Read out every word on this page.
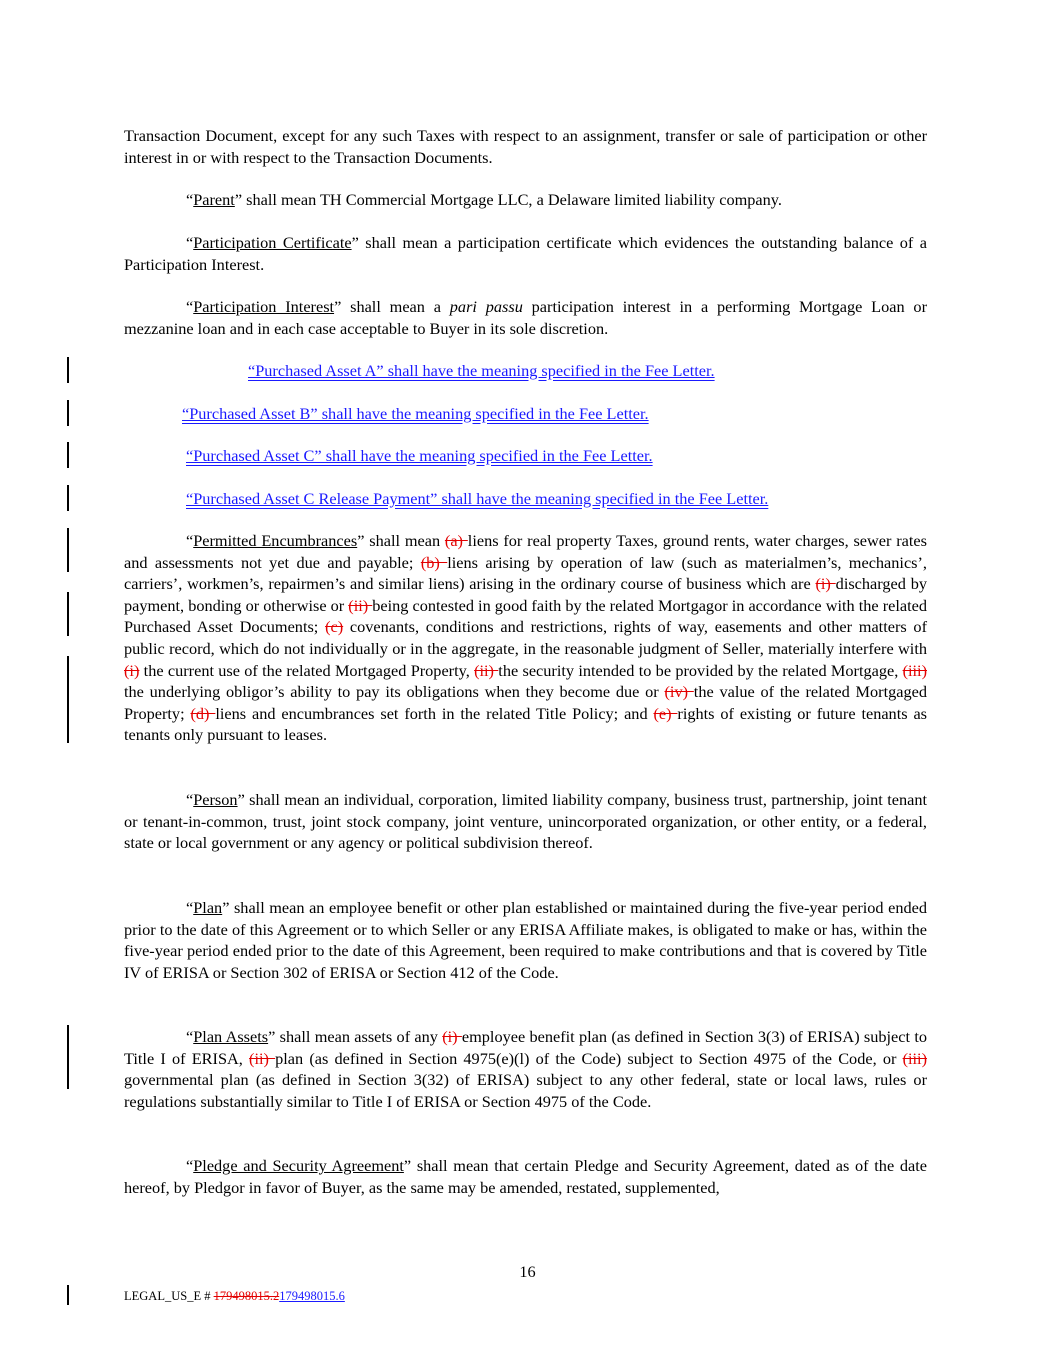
Transaction Document, except for any such Taxes with respect to an assignment, transfer or sale of participation or other interest in or with respect to the Transaction Documents.

“Parent” shall mean TH Commercial Mortgage LLC, a Delaware limited liability company.

“Participation Certificate” shall mean a participation certificate which evidences the outstanding balance of a Participation Interest.

“Participation Interest” shall mean a pari passu participation interest in a performing Mortgage Loan or mezzanine loan and in each case acceptable to Buyer in its sole discretion.

“Purchased Asset A” shall have the meaning specified in the Fee Letter.

“Purchased Asset B” shall have the meaning specified in the Fee Letter.

“Purchased Asset C” shall have the meaning specified in the Fee Letter.

“Purchased Asset C Release Payment” shall have the meaning specified in the Fee Letter.

“Permitted Encumbrances” shall mean (a) liens for real property Taxes, ground rents, water charges, sewer rates and assessments not yet due and payable; (b) liens arising by operation of law (such as materialmen’s, mechanics’, carriers’, workmen’s, repairmen’s and similar liens) arising in the ordinary course of business which are (i) discharged by payment, bonding or otherwise or (ii) being contested in good faith by the related Mortgagor in accordance with the related Purchased Asset Documents; (c) covenants, conditions and restrictions, rights of way, easements and other matters of public record, which do not individually or in the aggregate, in the reasonable judgment of Seller, materially interfere with (i) the current use of the related Mortgaged Property, (ii) the security intended to be provided by the related Mortgage, (iii) the underlying obligor’s ability to pay its obligations when they become due or (iv) the value of the related Mortgaged Property; (d) liens and encumbrances set forth in the related Title Policy; and (e) rights of existing or future tenants as tenants only pursuant to leases.

“Person” shall mean an individual, corporation, limited liability company, business trust, partnership, joint tenant or tenant-in-common, trust, joint stock company, joint venture, unincorporated organization, or other entity, or a federal, state or local government or any agency or political subdivision thereof.

“Plan” shall mean an employee benefit or other plan established or maintained during the five-year period ended prior to the date of this Agreement or to which Seller or any ERISA Affiliate makes, is obligated to make or has, within the five-year period ended prior to the date of this Agreement, been required to make contributions and that is covered by Title IV of ERISA or Section 302 of ERISA or Section 412 of the Code.

“Plan Assets” shall mean assets of any (i) employee benefit plan (as defined in Section 3(3) of ERISA) subject to Title I of ERISA, (ii) plan (as defined in Section 4975(e)(l) of the Code) subject to Section 4975 of the Code, or (iii) governmental plan (as defined in Section 3(32) of ERISA) subject to any other federal, state or local laws, rules or regulations substantially similar to Title I of ERISA or Section 4975 of the Code.

“Pledge and Security Agreement” shall mean that certain Pledge and Security Agreement, dated as of the date hereof, by Pledgor in favor of Buyer, as the same may be amended, restated, supplemented,

16
LEGAL_US_E # 179498015.2179498015.6
